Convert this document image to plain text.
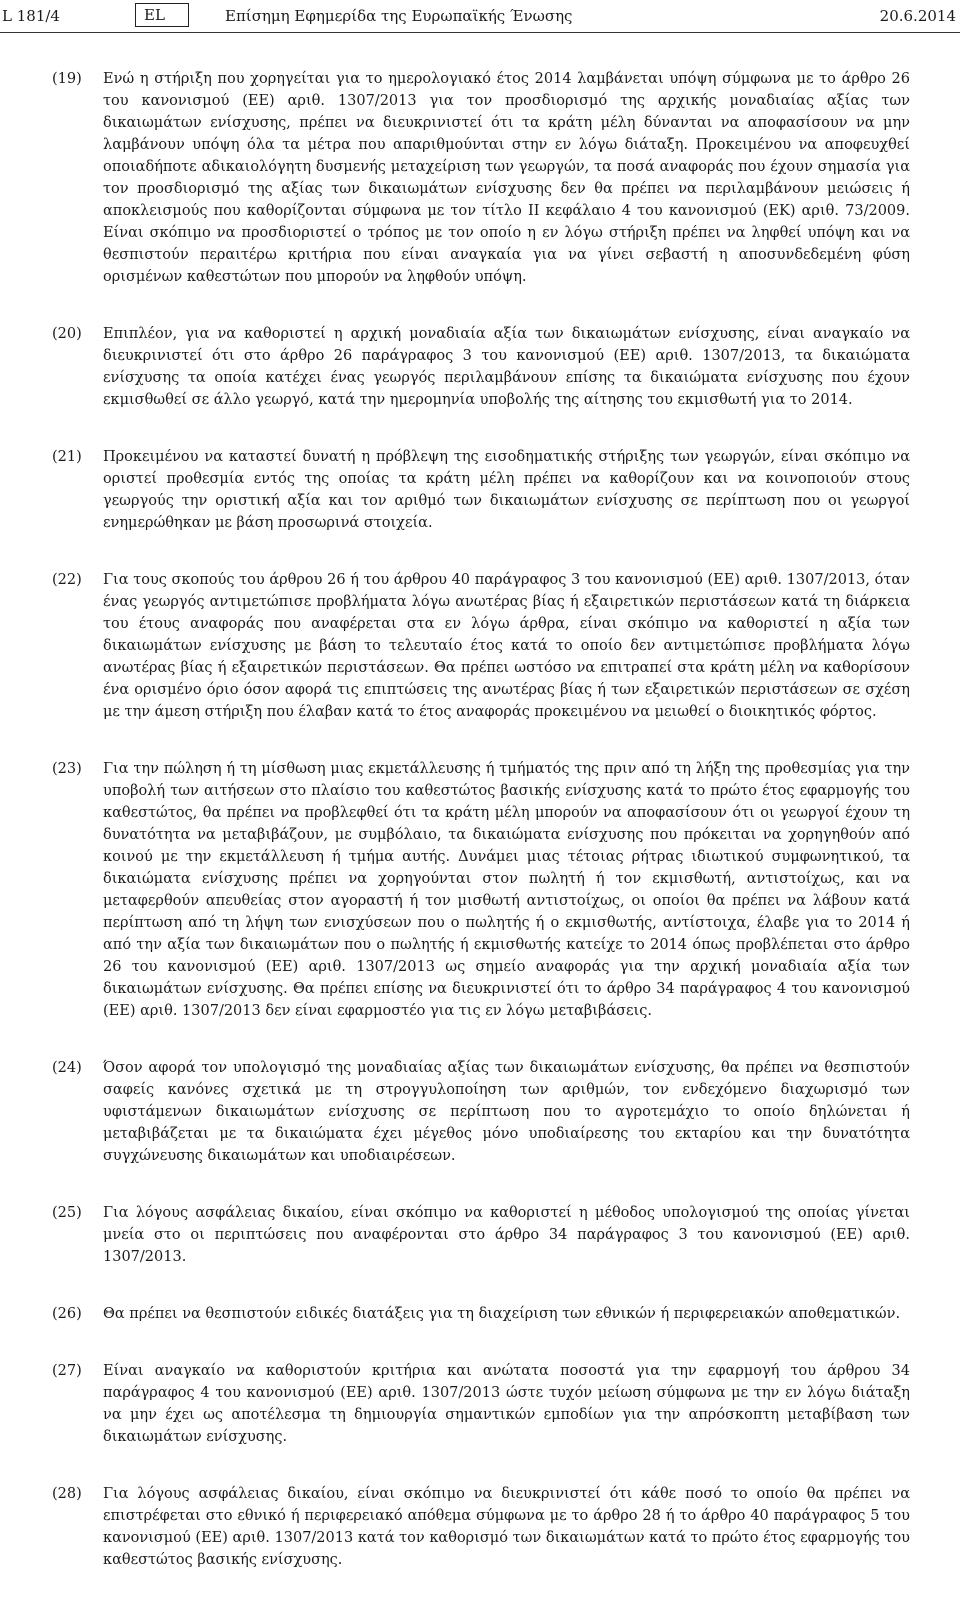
L 181/4	EL	Επίσημη Εφημερίδα της Ευρωπαϊκής Ένωσης	20.6.2014
(19) Ενώ η στήριξη που χορηγείται για το ημερολογιακό έτος 2014 λαμβάνεται υπόψη σύμφωνα με το άρθρο 26 του κανονισμού (ΕΕ) αριθ. 1307/2013 για τον προσδιορισμό της αρχικής μοναδιαίας αξίας των δικαιωμάτων ενίσχυσης, πρέπει να διευκρινιστεί ότι τα κράτη μέλη δύνανται να αποφασίσουν να μην λαμβάνουν υπόψη όλα τα μέτρα που απαριθμούνται στην εν λόγω διάταξη. Προκειμένου να αποφευχθεί οποιαδήποτε αδικαιολόγητη δυσμενής μεταχείριση των γεωργών, τα ποσά αναφοράς που έχουν σημασία για τον προσδιορισμό της αξίας των δικαιωμάτων ενίσχυσης δεν θα πρέπει να περιλαμβάνουν μειώσεις ή αποκλεισμούς που καθορίζονται σύμφωνα με τον τίτλο II κεφάλαιο 4 του κανονισμού (ΕΚ) αριθ. 73/2009. Είναι σκόπιμο να προσδιοριστεί ο τρόπος με τον οποίο η εν λόγω στήριξη πρέπει να ληφθεί υπόψη και να θεσπιστούν περαιτέρω κριτήρια που είναι αναγκαία για να γίνει σεβαστή η αποσυνδεδεμένη φύση ορισμένων καθεστώτων που μπορούν να ληφθούν υπόψη.
(20) Επιπλέον, για να καθοριστεί η αρχική μοναδιαία αξία των δικαιωμάτων ενίσχυσης, είναι αναγκαίο να διευκρινιστεί ότι στο άρθρο 26 παράγραφος 3 του κανονισμού (ΕΕ) αριθ. 1307/2013, τα δικαιώματα ενίσχυσης τα οποία κατέχει ένας γεωργός περιλαμβάνουν επίσης τα δικαιώματα ενίσχυσης που έχουν εκμισθωθεί σε άλλο γεωργό, κατά την ημερομηνία υποβολής της αίτησης του εκμισθωτή για το 2014.
(21) Προκειμένου να καταστεί δυνατή η πρόβλεψη της εισοδηματικής στήριξης των γεωργών, είναι σκόπιμο να οριστεί προθεσμία εντός της οποίας τα κράτη μέλη πρέπει να καθορίζουν και να κοινοποιούν στους γεωργούς την οριστική αξία και τον αριθμό των δικαιωμάτων ενίσχυσης σε περίπτωση που οι γεωργοί ενημερώθηκαν με βάση προσωρινά στοιχεία.
(22) Για τους σκοπούς του άρθρου 26 ή του άρθρου 40 παράγραφος 3 του κανονισμού (ΕΕ) αριθ. 1307/2013, όταν ένας γεωργός αντιμετώπισε προβλήματα λόγω ανωτέρας βίας ή εξαιρετικών περιστάσεων κατά τη διάρκεια του έτους αναφοράς που αναφέρεται στα εν λόγω άρθρα, είναι σκόπιμο να καθοριστεί η αξία των δικαιωμάτων ενίσχυσης με βάση το τελευταίο έτος κατά το οποίο δεν αντιμετώπισε προβλήματα λόγω ανωτέρας βίας ή εξαιρετικών περιστάσεων. Θα πρέπει ωστόσο να επιτραπεί στα κράτη μέλη να καθορίσουν ένα ορισμένο όριο όσον αφορά τις επιπτώσεις της ανωτέρας βίας ή των εξαιρετικών περιστάσεων σε σχέση με την άμεση στήριξη που έλαβαν κατά το έτος αναφοράς προκειμένου να μειωθεί ο διοικητικός φόρτος.
(23) Για την πώληση ή τη μίσθωση μιας εκμετάλλευσης ή τμήματός της πριν από τη λήξη της προθεσμίας για την υποβολή των αιτήσεων στο πλαίσιο του καθεστώτος βασικής ενίσχυσης κατά το πρώτο έτος εφαρμογής του καθεστώτος, θα πρέπει να προβλεφθεί ότι τα κράτη μέλη μπορούν να αποφασίσουν ότι οι γεωργοί έχουν τη δυνατότητα να μεταβιβάζουν, με συμβόλαιο, τα δικαιώματα ενίσχυσης που πρόκειται να χορηγηθούν από κοινού με την εκμετάλλευση ή τμήμα αυτής. Δυνάμει μιας τέτοιας ρήτρας ιδιωτικού συμφωνητικού, τα δικαιώματα ενίσχυσης πρέπει να χορηγούνται στον πωλητή ή τον εκμισθωτή, αντιστοίχως, και να μεταφερθούν απευθείας στον αγοραστή ή τον μισθωτή αντιστοίχως, οι οποίοι θα πρέπει να λάβουν κατά περίπτωση από τη λήψη των ενισχύσεων που ο πωλητής ή ο εκμισθωτής, αντίστοιχα, έλαβε για το 2014 ή από την αξία των δικαιωμάτων που ο πωλητής ή εκμισθωτής κατείχε το 2014 όπως προβλέπεται στο άρθρο 26 του κανονισμού (ΕΕ) αριθ. 1307/2013 ως σημείο αναφοράς για την αρχική μοναδιαία αξία των δικαιωμάτων ενίσχυσης. Θα πρέπει επίσης να διευκρινιστεί ότι το άρθρο 34 παράγραφος 4 του κανονισμού (ΕΕ) αριθ. 1307/2013 δεν είναι εφαρμοστέο για τις εν λόγω μεταβιβάσεις.
(24) Όσον αφορά τον υπολογισμό της μοναδιαίας αξίας των δικαιωμάτων ενίσχυσης, θα πρέπει να θεσπιστούν σαφείς κανόνες σχετικά με τη στρογγυλοποίηση των αριθμών, τον ενδεχόμενο διαχωρισμό των υφιστάμενων δικαιωμάτων ενίσχυσης σε περίπτωση που το αγροτεμάχιο το οποίο δηλώνεται ή μεταβιβάζεται με τα δικαιώματα έχει μέγεθος μόνο υποδιαίρεσης του εκταρίου και την δυνατότητα συγχώνευσης δικαιωμάτων και υποδιαιρέσεων.
(25) Για λόγους ασφάλειας δικαίου, είναι σκόπιμο να καθοριστεί η μέθοδος υπολογισμού της οποίας γίνεται μνεία στο οι περιπτώσεις που αναφέρονται στο άρθρο 34 παράγραφος 3 του κανονισμού (ΕΕ) αριθ. 1307/2013.
(26) Θα πρέπει να θεσπιστούν ειδικές διατάξεις για τη διαχείριση των εθνικών ή περιφερειακών αποθεματικών.
(27) Είναι αναγκαίο να καθοριστούν κριτήρια και ανώτατα ποσοστά για την εφαρμογή του άρθρου 34 παράγραφος 4 του κανονισμού (ΕΕ) αριθ. 1307/2013 ώστε τυχόν μείωση σύμφωνα με την εν λόγω διάταξη να μην έχει ως αποτέλεσμα τη δημιουργία σημαντικών εμποδίων για την απρόσκοπτη μεταβίβαση των δικαιωμάτων ενίσχυσης.
(28) Για λόγους ασφάλειας δικαίου, είναι σκόπιμο να διευκρινιστεί ότι κάθε ποσό το οποίο θα πρέπει να επιστρέφεται στο εθνικό ή περιφερειακό απόθεμα σύμφωνα με το άρθρο 28 ή το άρθρο 40 παράγραφος 5 του κανονισμού (ΕΕ) αριθ. 1307/2013 κατά τον καθορισμό των δικαιωμάτων κατά το πρώτο έτος εφαρμογής του καθεστώτος βασικής ενίσχυσης.
